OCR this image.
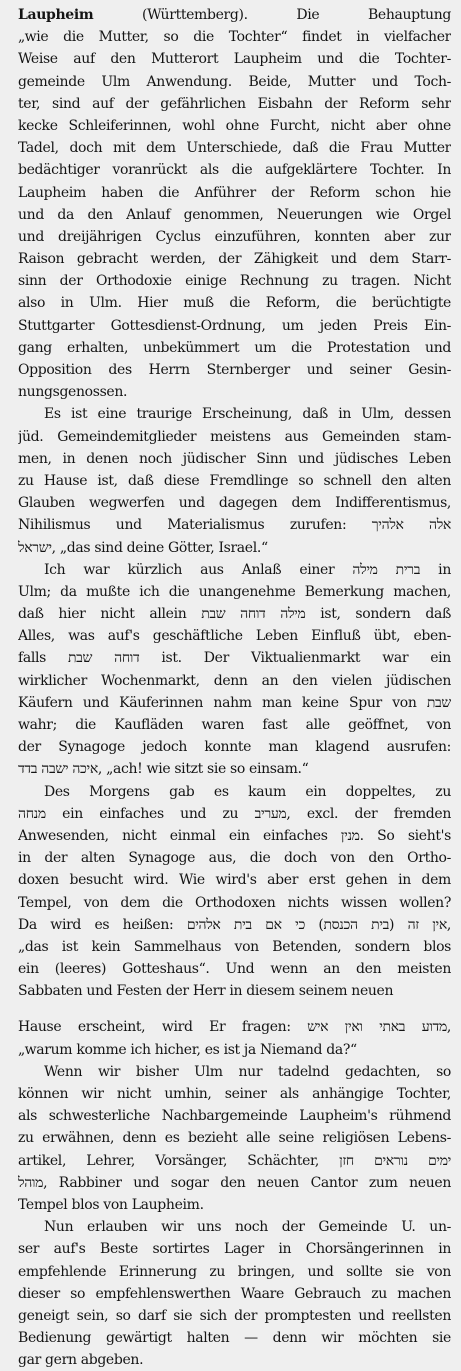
Laupheim (Württemberg). Die Behauptung
„wie die Mutter, so die Tochter“ findet in vielfacher
Weise auf den Mutterort Laupheim und die Tochter-
gemeinde Ulm Anwendung. Beide, Mutter und Toch-
ter, sind auf der gefährlichen Eisbahn der Reform sehr
kecke Schleiferinnen, wohl ohne Furcht, nicht aber ohne
Tadel, doch mit dem Unterschiede, daß die Frau Mutter
bedächtiger voranrückt als die aufgeklärtere Tochter. In
Laupheim haben die Anführer der Reform schon hie
und da den Anlauf genommen, Neuerungen wie Orgel
und dreijährigen Cyclus einzuführen, konnten aber zur
Raison gebracht werden, der Zähigkeit und dem Starr-
sinn der Orthodoxie einige Rechnung zu tragen. Nicht
also in Ulm. Hier muß die Reform, die berüchtigte
Stuttgarter Gottesdienst-Ordnung, um jeden Preis Ein-
gang erhalten, unbekümmert um die Protestation und
Opposition des Herrn Sternberger und seiner Gesin-
nungsgenossen.
Es ist eine traurige Erscheinung, daß in Ulm, dessen
jüd. Gemeindemitglieder meistens aus Gemeinden stam-
men, in denen noch jüdischer Sinn und jüdisches Leben
zu Hause ist, daß diese Fremdlinge so schnell den alten
Glauben wegwerfen und dagegen dem Indifferentismus,
Nihilismus und Materialismus zurufen: אלה אלהיך
ישראל, „das sind deine Götter, Israel.“
Ich war kürzlich aus Anlaß einer ברית מילה in
Ulm; da mußte ich die unangenehme Bemerkung machen,
daß hier nicht allein מילה דוחה שבת ist, sondern daß
Alles, was auf's geschäftliche Leben Einfluß übt, eben-
falls דוחה שבת ist. Der Viktualienmarkt war ein
wirklicher Wochenmarkt, denn an den vielen jüdischen
Käufern und Käuferinnen nahm man keine Spur von שבת
wahr; die Kaufläden waren fast alle geöffnet, von
der Synagoge jedoch konnte man klagend ausrufen:
איכה ישבה בדד, „ach! wie sitzt sie so einsam.“
Des Morgens gab es kaum ein doppeltes, zu
מנחה ein einfaches und zu מעריב, excl. der fremden
Anwesenden, nicht einmal ein einfaches מנין. So sieht's
in der alten Synagoge aus, die doch von den Ortho-
doxen besucht wird. Wie wird's aber erst gehen in dem
Tempel, von dem die Orthodoxen nichts wissen wollen?
Da wird es heißen: אין זה (בית הכנסת) כי אם בית אלהים,
„das ist kein Sammelhaus von Betenden, sondern blos
ein (leeres) Gotteshaus“. Und wenn an den meisten
Sabbaten und Festen der Herr in diesem seinem neuen
Hause erscheint, wird Er fragen: מדוע באתי ואין איש,
„warum komme ich hicher, es ist ja Niemand da?“
Wenn wir bisher Ulm nur tadelnd gedachten, so
können wir nicht umhin, seiner als anhängige Tochter,
als schwesterliche Nachbargemeinde Laupheim's rühmend
zu erwähnen, denn es bezieht alle seine religiösen Lebens-
artikel, Lehrer, Vorsänger, Schächter, ימים נוראים חזן
מוהל, Rabbiner und sogar den neuen Cantor zum neuen
Tempel blos von Laupheim.
Nun erlauben wir uns noch der Gemeinde U. un-
ser auf's Beste sortirtes Lager in Chorsängerinnen in
empfehlende Erinnerung zu bringen, und sollte sie von
dieser so empfehlenswerthen Waare Gebrauch zu machen
geneigt sein, so darf sie sich der promptesten und reellsten
Bedienung gewärtigt halten — denn wir möchten sie
gar gern abgeben.
